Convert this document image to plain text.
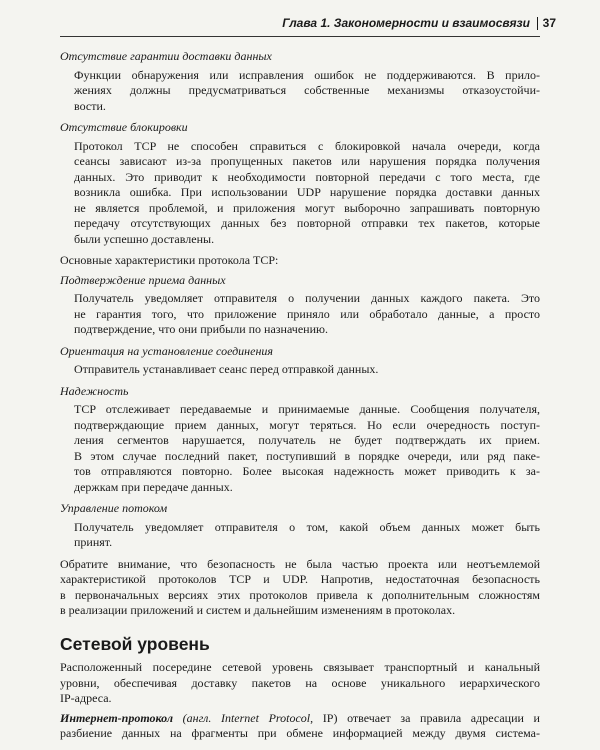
Глава 1. Закономерности и взаимосвязи 37
Отсутствие гарантии доставки данных
Функции обнаружения или исправления ошибок не поддерживаются. В прило-
жениях должны предусматриваться собственные механизмы отказоустойчи-
вости.
Отсутствие блокировки
Протокол TCP не способен справиться с блокировкой начала очереди, когда
сеансы зависают из-за пропущенных пакетов или нарушения порядка получения
данных. Это приводит к необходимости повторной передачи с того места, где
возникла ошибка. При использовании UDP нарушение порядка доставки данных
не является проблемой, и приложения могут выборочно запрашивать повторную
передачу отсутствующих данных без повторной отправки тех пакетов, которые
были успешно доставлены.
Основные характеристики протокола TCP:
Подтверждение приема данных
Получатель уведомляет отправителя о получении данных каждого пакета. Это
не гарантия того, что приложение приняло или обработало данные, а просто
подтверждение, что они прибыли по назначению.
Ориентация на установление соединения
Отправитель устанавливает сеанс перед отправкой данных.
Надежность
TCP отслеживает передаваемые и принимаемые данные. Сообщения получателя,
подтверждающие прием данных, могут теряться. Но если очередность поступ-
ления сегментов нарушается, получатель не будет подтверждать их прием.
В этом случае последний пакет, поступивший в порядке очереди, или ряд паке-
тов отправляются повторно. Более высокая надежность может приводить к за-
держкам при передаче данных.
Управление потоком
Получатель уведомляет отправителя о том, какой объем данных может быть
принят.
Обратите внимание, что безопасность не была частью проекта или неотъемлемой
характеристикой протоколов TCP и UDP. Напротив, недостаточная безопасность
в первоначальных версиях этих протоколов привела к дополнительным сложностям
в реализации приложений и систем и дальнейшим изменениям в протоколах.
Сетевой уровень
Расположенный посередине сетевой уровень связывает транспортный и канальный
уровни, обеспечивая доставку пакетов на основе уникального иерархического
IP-адреса.
Интернет-протокол (англ. Internet Protocol, IP) отвечает за правила адресации и
разбиение данных на фрагменты при обмене информацией между двумя система-
